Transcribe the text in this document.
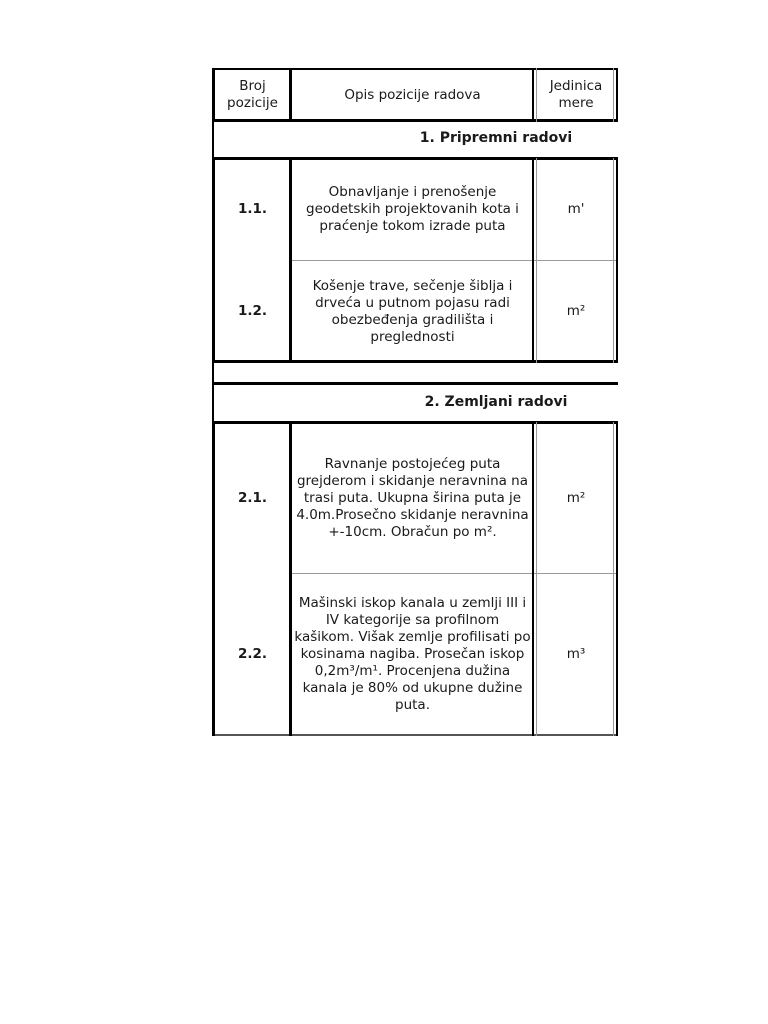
Broj
pozicije
Opis pozicije radova
Jedinica
mere
1. Pripremni radovi
1.1.
Obnavljanje i prenošenje geodetskih projektovanih kota i praćenje tokom izrade puta
m'
1.2.
Košenje trave, sečenje šiblja i drveća u putnom pojasu radi obezbeđenja gradilišta i preglednosti
m²
2. Zemljani radovi
2.1.
Ravnanje postojećeg puta grejderom i skidanje neravnina na trasi puta. Ukupna širina puta je 4.0m.Prosečno skidanje neravnina +-10cm. Obračun po m².
m²
2.2.
Mašinski iskop kanala u zemlji III i IV kategorije sa profilnom kašikom. Višak zemlje profilisati po kosinama nagiba. Prosečan iskop 0,2m³/m¹. Procenjena dužina kanala je 80% od ukupne dužine puta.
m³
